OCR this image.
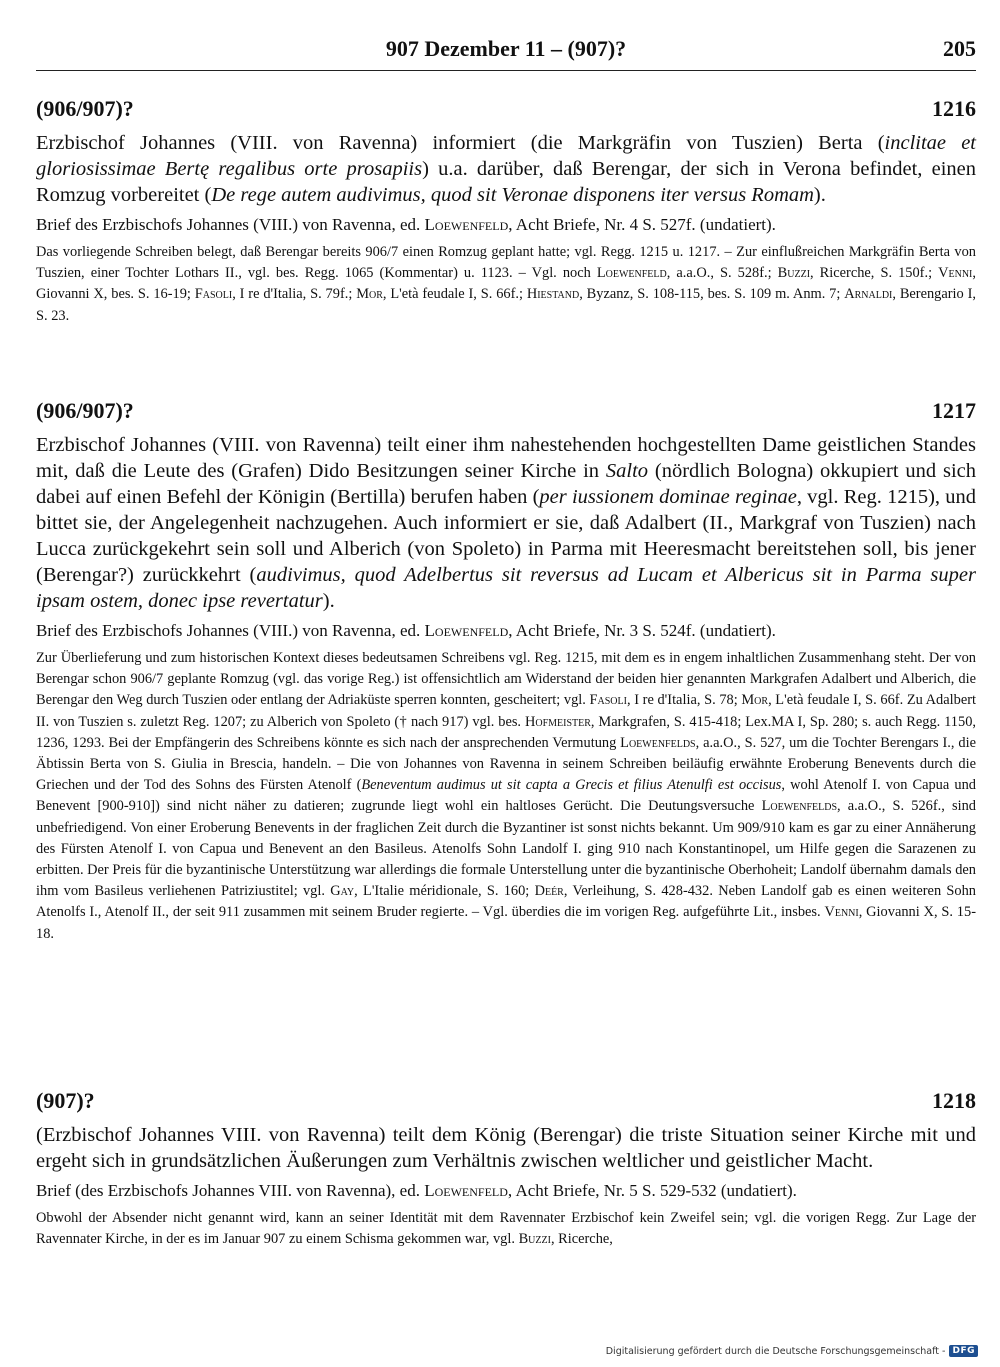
907 Dezember 11 – (907)?	205
(906/907)?	1216

Erzbischof Johannes (VIII. von Ravenna) informiert (die Markgräfin von Tuszien) Berta (inclitae et gloriosissimae Bertę regalibus orte prosapiis) u.a. darüber, daß Berengar, der sich in Verona befindet, einen Romzug vorbereitet (De rege autem audivimus, quod sit Veronae disponens iter versus Romam).

Brief des Erzbischofs Johannes (VIII.) von Ravenna, ed. Loewenfeld, Acht Briefe, Nr. 4 S. 527f. (undatiert).

Das vorliegende Schreiben belegt, daß Berengar bereits 906/7 einen Romzug geplant hatte; vgl. Regg. 1215 u. 1217. – Zur einflußreichen Markgräfin Berta von Tuszien, einer Tochter Lothars II., vgl. bes. Regg. 1065 (Kommentar) u. 1123. – Vgl. noch Loewenfeld, a.a.O., S. 528f.; Buzzi, Ricerche, S. 150f.; Venni, Giovanni X, bes. S. 16-19; Fasoli, I re d'Italia, S. 79f.; Mor, L'età feudale I, S. 66f.; Hiestand, Byzanz, S. 108-115, bes. S. 109 m. Anm. 7; Arnaldi, Berengario I, S. 23.

(906/907)?	1217

Erzbischof Johannes (VIII. von Ravenna) teilt einer ihm nahestehenden hochgestellten Dame geistlichen Standes mit, daß die Leute des (Grafen) Dido Besitzungen seiner Kirche in Salto (nördlich Bologna) okkupiert und sich dabei auf einen Befehl der Königin (Bertilla) berufen haben (per iussionem dominae reginae, vgl. Reg. 1215), und bittet sie, der Angelegenheit nachzugehen. Auch informiert er sie, daß Adalbert (II., Markgraf von Tuszien) nach Lucca zurückgekehrt sein soll und Alberich (von Spoleto) in Parma mit Heeresmacht bereitstehen soll, bis jener (Berengar?) zurückkehrt (audivimus, quod Adelbertus sit reversus ad Lucam et Albericus sit in Parma super ipsam ostem, donec ipse revertatur).

Brief des Erzbischofs Johannes (VIII.) von Ravenna, ed. Loewenfeld, Acht Briefe, Nr. 3 S. 524f. (undatiert).

Zur Überlieferung und zum historischen Kontext dieses bedeutsamen Schreibens vgl. Reg. 1215, mit dem es in engem inhaltlichen Zusammenhang steht. Der von Berengar schon 906/7 geplante Romzug (vgl. das vorige Reg.) ist offensichtlich am Widerstand der beiden hier genannten Markgrafen Adalbert und Alberich, die Berengar den Weg durch Tuszien oder entlang der Adriaküste sperren konnten, gescheitert; vgl. Fasoli, I re d'Italia, S. 78; Mor, L'età feudale I, S. 66f. Zu Adalbert II. von Tuszien s. zuletzt Reg. 1207; zu Alberich von Spoleto († nach 917) vgl. bes. Hofmeister, Markgrafen, S. 415-418; Lex.MA I, Sp. 280; s. auch Regg. 1150, 1236, 1293. Bei der Empfängerin des Schreibens könnte es sich nach der ansprechenden Vermutung Loewenfelds, a.a.O., S. 527, um die Tochter Berengars I., die Äbtissin Berta von S. Giulia in Brescia, handeln. – Die von Johannes von Ravenna in seinem Schreiben beiläufig erwähnte Eroberung Benevents durch die Griechen und der Tod des Sohns des Fürsten Atenolf (Beneventum audimus ut sit capta a Grecis et filius Atenulfi est occisus, wohl Atenolf I. von Capua und Benevent [900-910]) sind nicht näher zu datieren; zugrunde liegt wohl ein haltloses Gerücht. Die Deutungsversuche Loewenfelds, a.a.O., S. 526f., sind unbefriedigend. Von einer Eroberung Benevents in der fraglichen Zeit durch die Byzantiner ist sonst nichts bekannt. Um 909/910 kam es gar zu einer Annäherung des Fürsten Atenolf I. von Capua und Benevent an den Basileus. Atenolfs Sohn Landolf I. ging 910 nach Konstantinopel, um Hilfe gegen die Sarazenen zu erbitten. Der Preis für die byzantinische Unterstützung war allerdings die formale Unterstellung unter die byzantinische Oberhoheit; Landolf übernahm damals den ihm vom Basileus verliehenen Patriziustitel; vgl. Gay, L'Italie méridionale, S. 160; Deér, Verleihung, S. 428-432. Neben Landolf gab es einen weiteren Sohn Atenolfs I., Atenolf II., der seit 911 zusammen mit seinem Bruder regierte. – Vgl. überdies die im vorigen Reg. aufgeführte Lit., insbes. Venni, Giovanni X, S. 15-18.

(907)?	1218

(Erzbischof Johannes VIII. von Ravenna) teilt dem König (Berengar) die triste Situation seiner Kirche mit und ergeht sich in grundsätzlichen Äußerungen zum Verhältnis zwischen weltlicher und geistlicher Macht.

Brief (des Erzbischofs Johannes VIII. von Ravenna), ed. Loewenfeld, Acht Briefe, Nr. 5 S. 529-532 (undatiert).

Obwohl der Absender nicht genannt wird, kann an seiner Identität mit dem Ravennater Erzbischof kein Zweifel sein; vgl. die vorigen Regg. Zur Lage der Ravennater Kirche, in der es im Januar 907 zu einem Schisma gekommen war, vgl. Buzzi, Ricerche,

Digitalisierung gefördert durch die Deutsche Forschungsgemeinschaft - DFG
